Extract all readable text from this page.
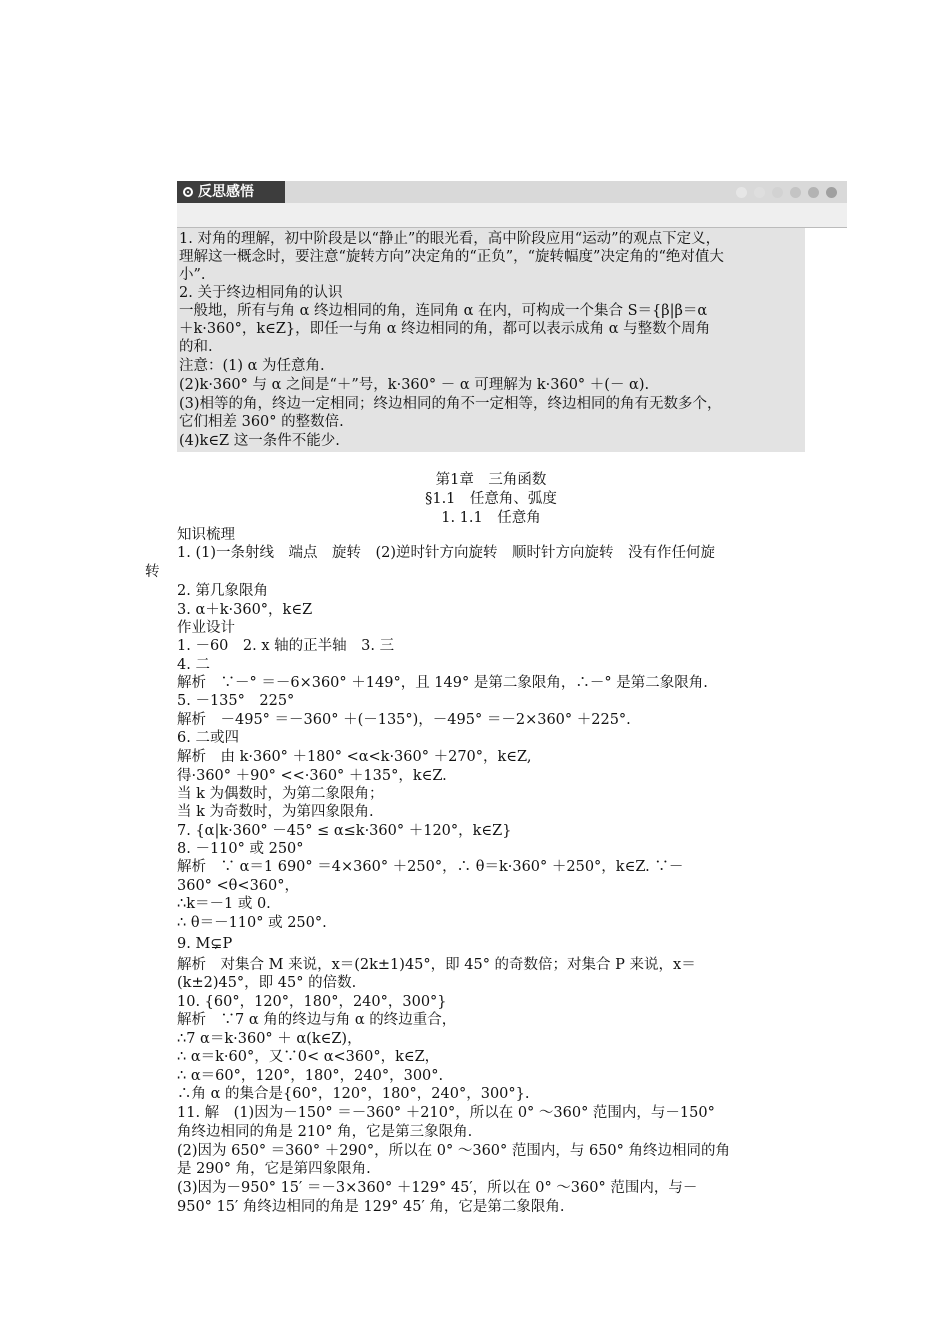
反思感悟
1. 对角的理解，初中阶段是以“静止”的眼光看，高中阶段应用“运动”的观点下定义，
理解这一概念时，要注意“旋转方向”决定角的“正负”，“旋转幅度”决定角的“绝对值大
小”.
2. 关于终边相同角的认识
一般地，所有与角 α 终边相同的角，连同角 α 在内，可构成一个集合 S＝{β|β＝α
＋k·360°，k∈Z}，即任一与角 α 终边相同的角，都可以表示成角 α 与整数个周角
的和.
注意：(1) α 为任意角.
(2)k·360° 与 α 之间是“＋”号，k·360° － α 可理解为 k·360° ＋(－ α).
(3)相等的角，终边一定相同；终边相同的角不一定相等，终边相同的角有无数多个，
它们相差 360° 的整数倍.
(4)k∈Z 这一条件不能少.
第1章　三角函数
§1.1　任意角、弧度
1. 1.1　任意角
知识梳理
1. (1)一条射线　端点　旋转　(2)逆时针方向旋转　顺时针方向旋转　没有作任何旋
转
2. 第几象限角
3. α＋k·360°，k∈Z
作业设计
1. －60　2. x 轴的正半轴　3. 三
4. 二
解析　∵－° ＝－6×360° ＋149°，且 149° 是第二象限角，∴－° 是第二象限角.
5. －135°　225°
解析　－495° ＝－360° ＋(－135°)，－495° ＝－2×360° ＋225°.
6. 二或四
解析　由 k·360° ＋180° <α<k·360° ＋270°，k∈Z,
得·360° ＋90° <<·360° ＋135°，k∈Z.
当 k 为偶数时，为第二象限角；
当 k 为奇数时，为第四象限角.
7. {α|k·360° －45° ≤ α≤k·360° ＋120°，k∈Z}
8. －110° 或 250°
解析　∵ α＝1 690° ＝4×360° ＋250°，∴ θ＝k·360° ＋250°，k∈Z. ∵－
360° <θ<360°，
∴k＝－1 或 0.
∴ θ＝－110° 或 250°.
9. M⊊P
解析　对集合 M 来说，x＝(2k±1)45°，即 45° 的奇数倍；对集合 P 来说，x＝
(k±2)45°，即 45° 的倍数.
10. {60°，120°，180°，240°，300°}
解析　∵7 α 角的终边与角 α 的终边重合，
∴7 α＝k·360° ＋ α(k∈Z)，
∴ α＝k·60°，又∵0< α<360°，k∈Z，
∴ α＝60°，120°，180°，240°，300°.
∴角 α 的集合是{60°，120°，180°，240°，300°}.
11. 解　(1)因为－150° ＝－360° ＋210°，所以在 0° ～360° 范围内，与－150°
角终边相同的角是 210° 角，它是第三象限角.
(2)因为 650° ＝360° ＋290°，所以在 0° ～360° 范围内，与 650° 角终边相同的角
是 290° 角，它是第四象限角.
(3)因为－950° 15′ ＝－3×360° ＋129° 45′，所以在 0° ～360° 范围内，与－
950° 15′ 角终边相同的角是 129° 45′ 角，它是第二象限角.
